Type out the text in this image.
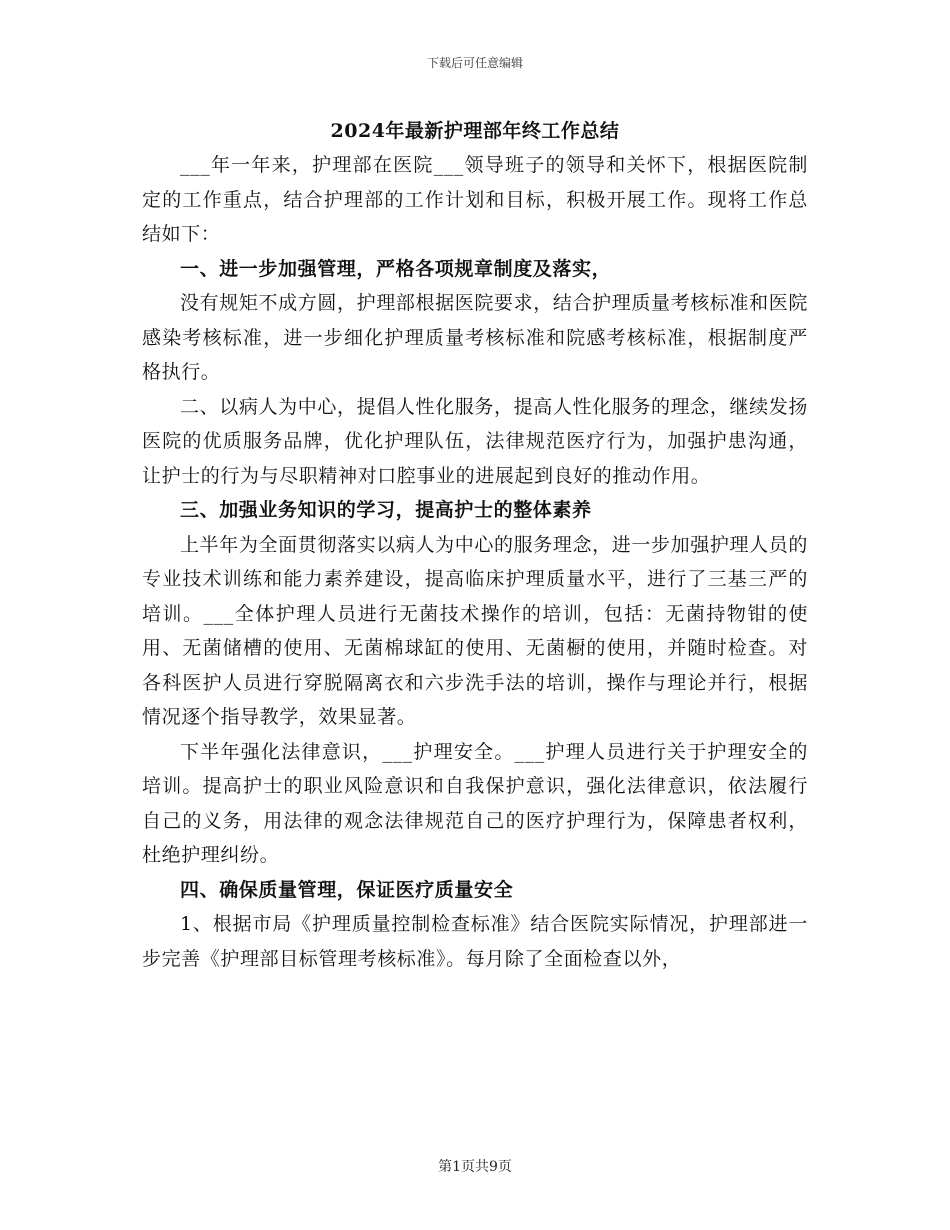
下载后可任意编辑
2024年最新护理部年终工作总结

___年一年来，护理部在医院___领导班子的领导和关怀下，根据医院制定的工作重点，结合护理部的工作计划和目标，积极开展工作。现将工作总结如下：

一、进一步加强管理，严格各项规章制度及落实，

没有规矩不成方圆，护理部根据医院要求，结合护理质量考核标准和医院感染考核标准，进一步细化护理质量考核标准和院感考核标准，根据制度严格执行。

二、以病人为中心，提倡人性化服务，提高人性化服务的理念，继续发扬医院的优质服务品牌，优化护理队伍，法律规范医疗行为，加强护患沟通，让护士的行为与尽职精神对口腔事业的进展起到良好的推动作用。

三、加强业务知识的学习，提高护士的整体素养

上半年为全面贯彻落实以病人为中心的服务理念，进一步加强护理人员的专业技术训练和能力素养建设，提高临床护理质量水平，进行了三基三严的培训。___全体护理人员进行无菌技术操作的培训，包括：无菌持物钳的使用、无菌储槽的使用、无菌棉球缸的使用、无菌橱的使用，并随时检查。对各科医护人员进行穿脱隔离衣和六步洗手法的培训，操作与理论并行，根据情况逐个指导教学，效果显著。

下半年强化法律意识，___护理安全。___护理人员进行关于护理安全的培训。提高护士的职业风险意识和自我保护意识，强化法律意识，依法履行自己的义务，用法律的观念法律规范自己的医疗护理行为，保障患者权利，杜绝护理纠纷。

四、确保质量管理，保证医疗质量安全

1、根据市局《护理质量控制检查标准》结合医院实际情况，护理部进一步完善《护理部目标管理考核标准》。每月除了全面检查以外，

第1页共9页
